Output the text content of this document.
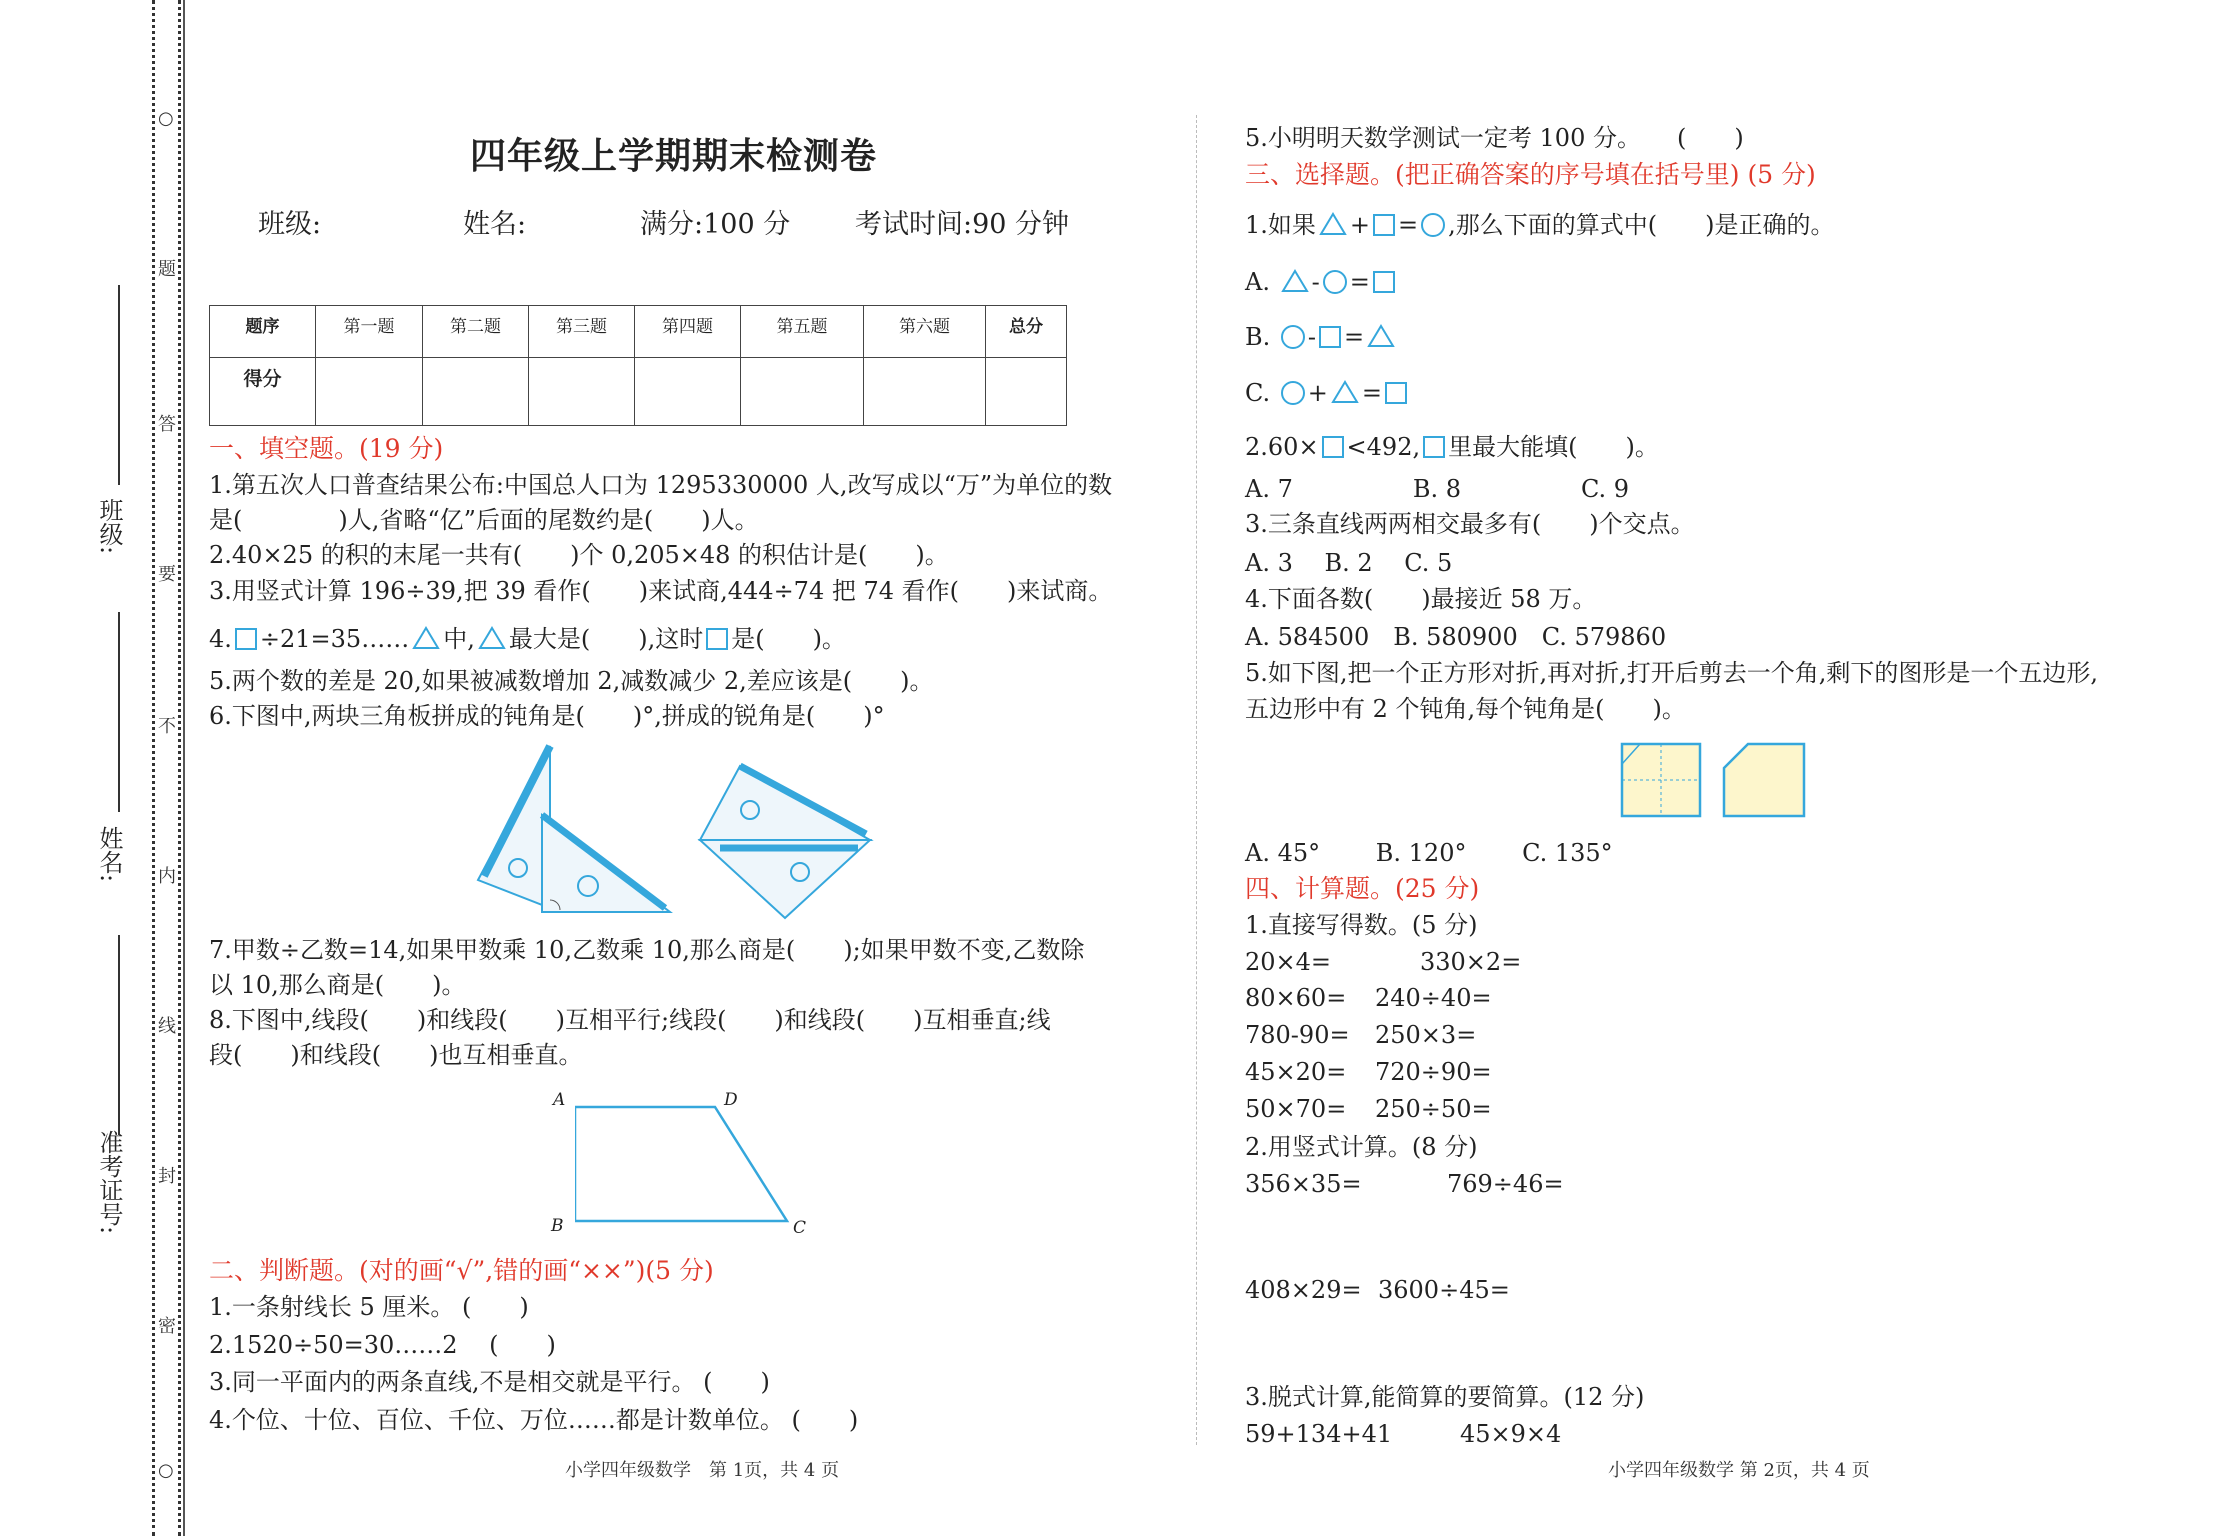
○
题
答
要
不
内
线
封
密
○
班级:
姓名:
准考证号:
四年级上学期期末检测卷
班级:	姓名:	满分:100 分 考试时间:90 分钟
题序	第一题	第二题	第三题	第四题	第五题	第六题	总分
得分							
一、填空题。(19 分)
1.第五次人口普查结果公布:中国总人口为 1295330000 人,改写成以“万”为单位的数
是(　　　　)人,省略“亿”后面的尾数约是(　　)人。
2.40×25 的积的末尾一共有(　　)个 0,205×48 的积估计是(　　)。
3.用竖式计算 196÷39,把 39 看作(　　)来试商,444÷74 把 74 看作(　　)来试商。
4. ÷21=35…… 中, 最大是(　　),这时 是(　　)。
5.两个数的差是 20,如果被减数增加 2,减数减少 2,差应该是(　　)。
6.下图中,两块三角板拼成的钝角是(　　)°,拼成的锐角是(　　)°
7.甲数÷乙数=14,如果甲数乘 10,乙数乘 10,那么商是(　　);如果甲数不变,乙数除
以 10,那么商是(　　)。
8.下图中,线段(　　)和线段(　　)互相平行;线段(　　)和线段(　　)互相垂直;线
段(　　)和线段(　　)也互相垂直。
A	D
B	C
二、判断题。(对的画“√”,错的画“××”)(5 分)
1.一条射线长 5 厘米。 (　　)
2.1520÷50=30……2　 (　　)
3.同一平面内的两条直线,不是相交就是平行。 (　　)
4.个位、十位、百位、千位、万位……都是计数单位。 (　　)
小学四年级数学　第 1页，共 4 页
5.小明明天数学测试一定考 100 分。　　(　　)
三、选择题。(把正确答案的序号填在括号里) (5 分)
1.如果 + = ,那么下面的算式中(　　)是正确的。
A. - =
B. - =
C. + =
2.60× <492, 里最大能填(　　)。
A. 7　　　　　B. 8　　　　　C. 9
3.三条直线两两相交最多有(　　)个交点。
A. 3　 B. 2　 C. 5
4.下面各数(　　)最接近 58 万。
A. 584500　B. 580900　C. 579860
5.如下图,把一个正方形对折,再对折,打开后剪去一个角,剩下的图形是一个五边形,
五边形中有 2 个钝角,每个钝角是(　　)。
A. 45°　　 B. 120°　　 C. 135°
四、计算题。(25 分)
1.直接写得数。(5 分)
20×4=	330×2=
80×60= 240÷40=
780-90= 250×3=
45×20= 720÷90=
50×70= 250÷50=
2.用竖式计算。(8 分)
356×35=	769÷46=
408×29= 3600÷45=
3.脱式计算,能简算的要简算。(12 分)
59+134+41	45×9×4
小学四年级数学 第 2页，共 4 页
